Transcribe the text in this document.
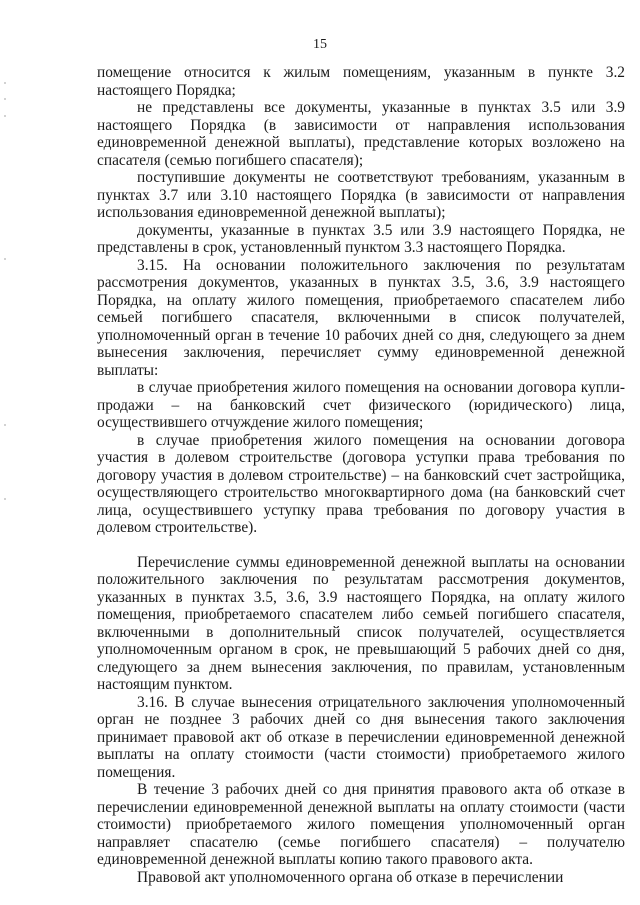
15

помещение относится к жилым помещениям, указанным в пункте 3.2 настоящего Порядка;

не представлены все документы, указанные в пунктах 3.5 или 3.9 настоящего Порядка (в зависимости от направления использования единовременной денежной выплаты), представление которых возложено на спасателя (семью погибшего спасателя);

поступившие документы не соответствуют требованиям, указанным в пунктах 3.7 или 3.10 настоящего Порядка (в зависимости от направления использования единовременной денежной выплаты);

документы, указанные в пунктах 3.5 или 3.9 настоящего Порядка, не представлены в срок, установленный пунктом 3.3 настоящего Порядка.

3.15. На основании положительного заключения по результатам рассмотрения документов, указанных в пунктах 3.5, 3.6, 3.9 настоящего Порядка, на оплату жилого помещения, приобретаемого спасателем либо семьей погибшего спасателя, включенными в список получателей, уполномоченный орган в течение 10 рабочих дней со дня, следующего за днем вынесения заключения, перечисляет сумму единовременной денежной выплаты:

в случае приобретения жилого помещения на основании договора купли-продажи – на банковский счет физического (юридического) лица, осуществившего отчуждение жилого помещения;

в случае приобретения жилого помещения на основании договора участия в долевом строительстве (договора уступки права требования по договору участия в долевом строительстве) – на банковский счет застройщика, осуществляющего строительство многоквартирного дома (на банковский счет лица, осуществившего уступку права требования по договору участия в долевом строительстве).

Перечисление суммы единовременной денежной выплаты на основании положительного заключения по результатам рассмотрения документов, указанных в пунктах 3.5, 3.6, 3.9 настоящего Порядка, на оплату жилого помещения, приобретаемого спасателем либо семьей погибшего спасателя, включенными в дополнительный список получателей, осуществляется уполномоченным органом в срок, не превышающий 5 рабочих дней со дня, следующего за днем вынесения заключения, по правилам, установленным настоящим пунктом.

3.16. В случае вынесения отрицательного заключения уполномоченный орган не позднее 3 рабочих дней со дня вынесения такого заключения принимает правовой акт об отказе в перечислении единовременной денежной выплаты на оплату стоимости (части стоимости) приобретаемого жилого помещения.

В течение 3 рабочих дней со дня принятия правового акта об отказе в перечислении единовременной денежной выплаты на оплату стоимости (части стоимости) приобретаемого жилого помещения уполномоченный орган направляет спасателю (семье погибшего спасателя) – получателю единовременной денежной выплаты копию такого правового акта.

Правовой акт уполномоченного органа об отказе в перечислении
